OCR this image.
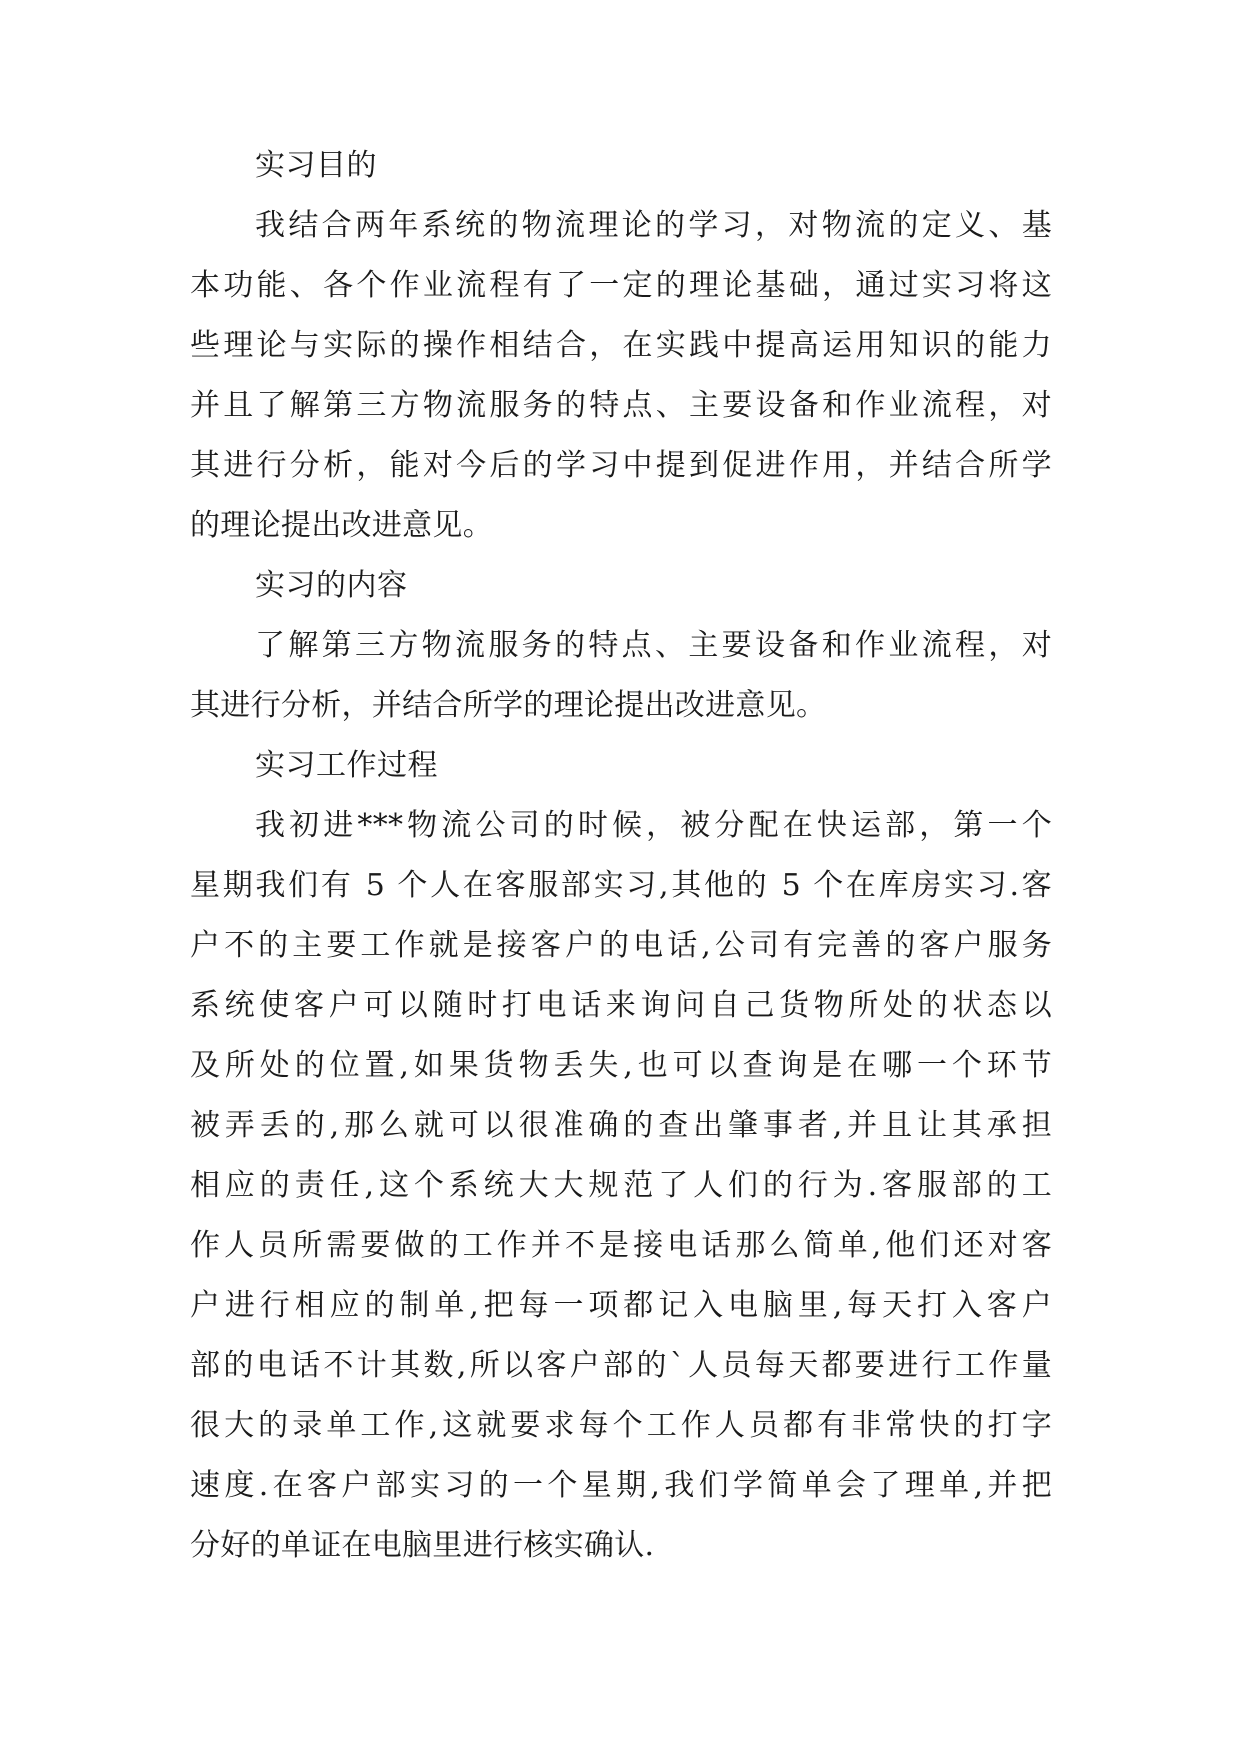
实习目的
我结合两年系统的物流理论的学习，对物流的定义、基
本功能、各个作业流程有了一定的理论基础，通过实习将这
些理论与实际的操作相结合，在实践中提高运用知识的能力
并且了解第三方物流服务的特点、主要设备和作业流程，对
其进行分析，能对今后的学习中提到促进作用，并结合所学
的理论提出改进意见。
实习的内容
了解第三方物流服务的特点、主要设备和作业流程，对
其进行分析，并结合所学的理论提出改进意见。
实习工作过程
我初进***物流公司的时候，被分配在快运部，第一个
星期我们有 5 个人在客服部实习,其他的 5 个在库房实习.客
户不的主要工作就是接客户的电话,公司有完善的客户服务
系统使客户可以随时打电话来询问自己货物所处的状态以
及所处的位置,如果货物丢失,也可以查询是在哪一个环节
被弄丢的,那么就可以很准确的查出肇事者,并且让其承担
相应的责任,这个系统大大规范了人们的行为.客服部的工
作人员所需要做的工作并不是接电话那么简单,他们还对客
户进行相应的制单,把每一项都记入电脑里,每天打入客户
部的电话不计其数,所以客户部的`人员每天都要进行工作量
很大的录单工作,这就要求每个工作人员都有非常快的打字
速度.在客户部实习的一个星期,我们学简单会了理单,并把
分好的单证在电脑里进行核实确认.
